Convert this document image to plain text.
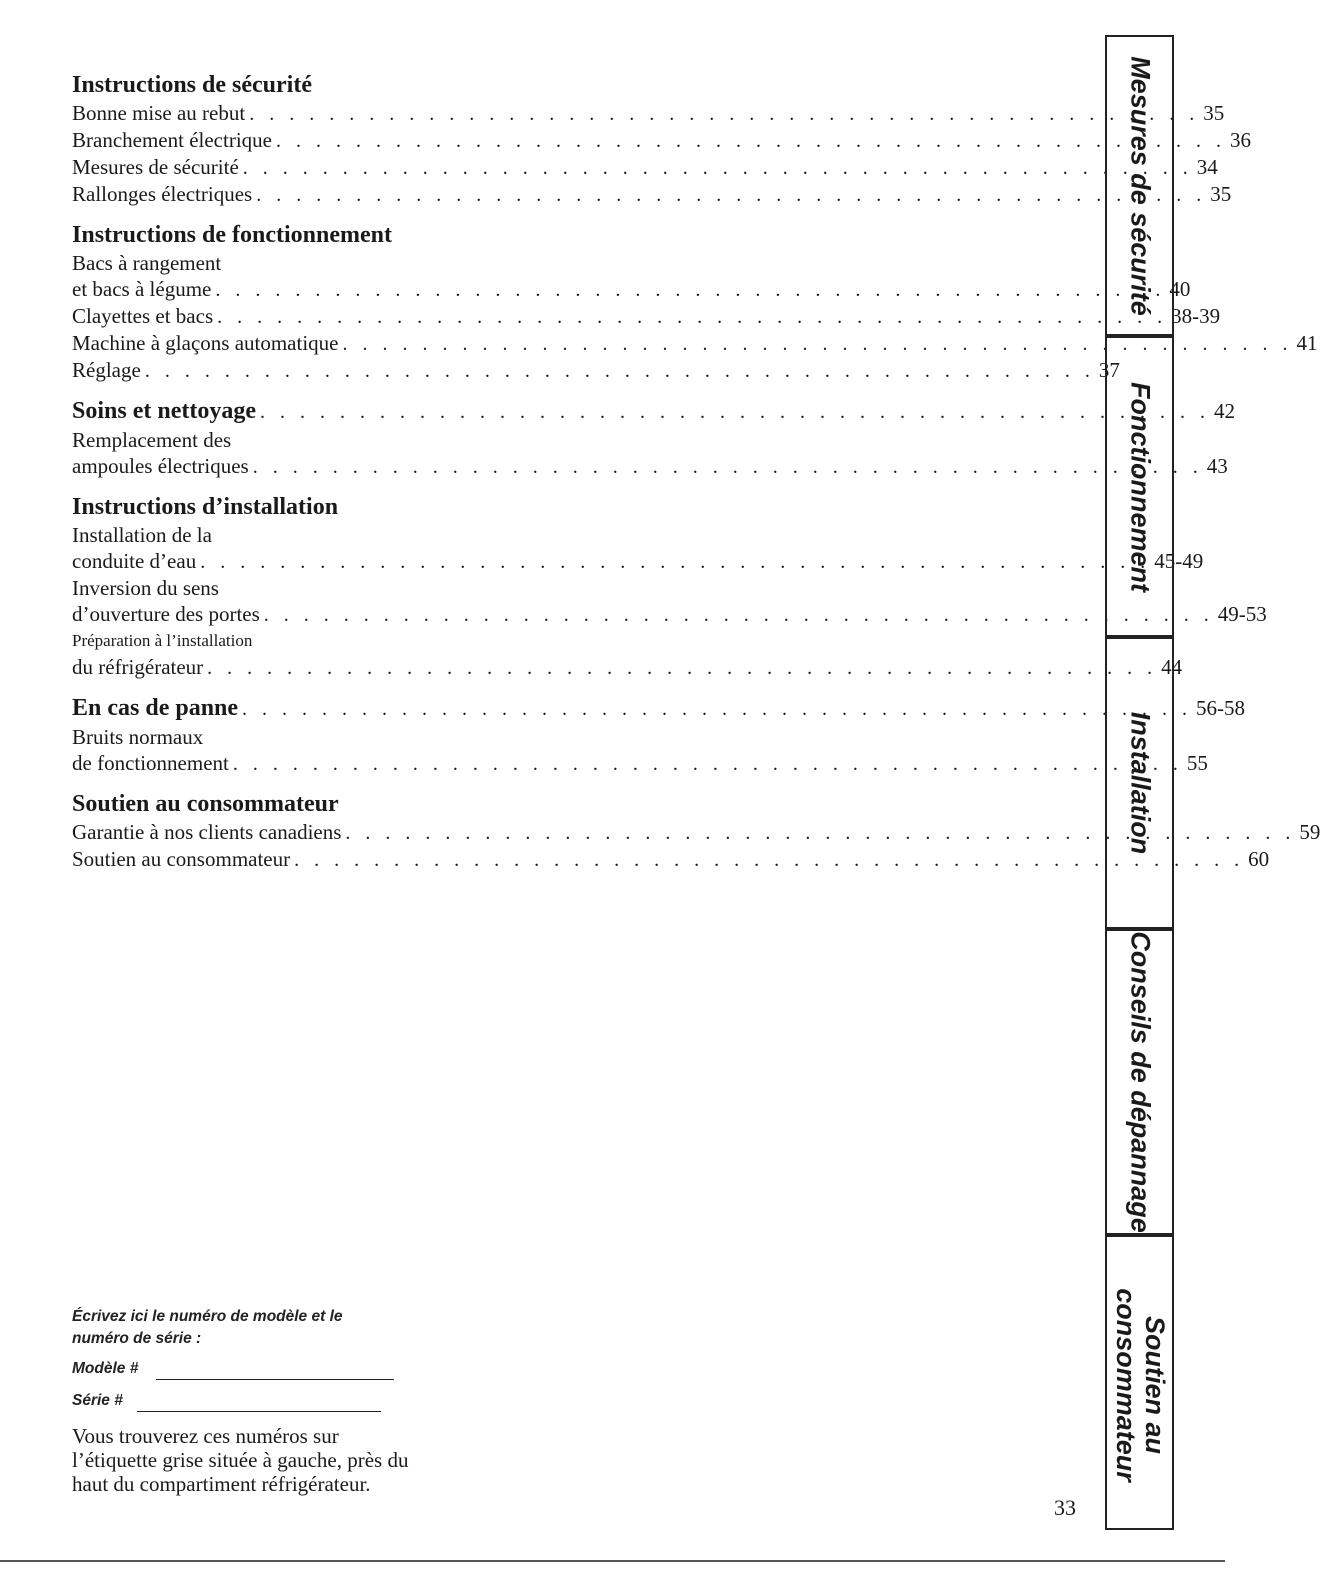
Instructions de sécurité
Bonne mise au rebut . . . . . . . . . . . . . . . . . . . . . . . . . . . . . . . . . . . . . . . . . . . . . . . . 35
Branchement électrique . . . . . . . . . . . . . . . . . . . . . . . . . . . . . . . . . . . . . . . . . . . . . . . . 36
Mesures de sécurité . . . . . . . . . . . . . . . . . . . . . . . . . . . . . . . . . . . . . . . . . . . . . . . . 34
Rallonges électriques . . . . . . . . . . . . . . . . . . . . . . . . . . . . . . . . . . . . . . . . . . . . . . . . 35
Instructions de fonctionnement
Bacs à rangement
et bacs à légume . . . . . . . . . . . . . . . . . . . . . . . . . . . . . . . . . . . . . . . . . . . . . . . . 40
Clayettes et bacs . . . . . . . . . . . . . . . . . . . . . . . . . . . . . . . . . . . . . . . . . . . . . . . . 38-39
Machine à glaçons automatique . . . . . . . . . . . . . . . . . . . . . . . . . . . . . . . . . . . . . . . . . . . . . . . . 41
Réglage . . . . . . . . . . . . . . . . . . . . . . . . . . . . . . . . . . . . . . . . . . . . . . . . 37
Soins et nettoyage . . . . . . . . . . . . . . . . . . . . . . . . . . . . . . . . . . . . . . . . . . . . . . . . 42
Remplacement des
ampoules électriques . . . . . . . . . . . . . . . . . . . . . . . . . . . . . . . . . . . . . . . . . . . . . . . . 43
Instructions d’installation
Installation de la
conduite d’eau . . . . . . . . . . . . . . . . . . . . . . . . . . . . . . . . . . . . . . . . . . . . . . . . 45-49
Inversion du sens
d’ouverture des portes . . . . . . . . . . . . . . . . . . . . . . . . . . . . . . . . . . . . . . . . . . . . . . . . 49-53
Préparation à l’installation
du réfrigérateur . . . . . . . . . . . . . . . . . . . . . . . . . . . . . . . . . . . . . . . . . . . . . . . . 44
En cas de panne . . . . . . . . . . . . . . . . . . . . . . . . . . . . . . . . . . . . . . . . . . . . . . . . 56-58
Bruits normaux
de fonctionnement . . . . . . . . . . . . . . . . . . . . . . . . . . . . . . . . . . . . . . . . . . . . . . . . 55
Soutien au consommateur
Garantie à nos clients canadiens . . . . . . . . . . . . . . . . . . . . . . . . . . . . . . . . . . . . . . . . . . . . . . . . 59
Soutien au consommateur . . . . . . . . . . . . . . . . . . . . . . . . . . . . . . . . . . . . . . . . . . . . . . . . 60
Écrivez ici le numéro de modèle et le
numéro de série :
Modèle #
Série #
Vous trouverez ces numéros sur
l’étiquette grise située à gauche, près du
haut du compartiment réfrigérateur.
33
Mesures de sécurité
Fonctionnement
Installation
Conseils de dépannage
Soutien au
consommateur
